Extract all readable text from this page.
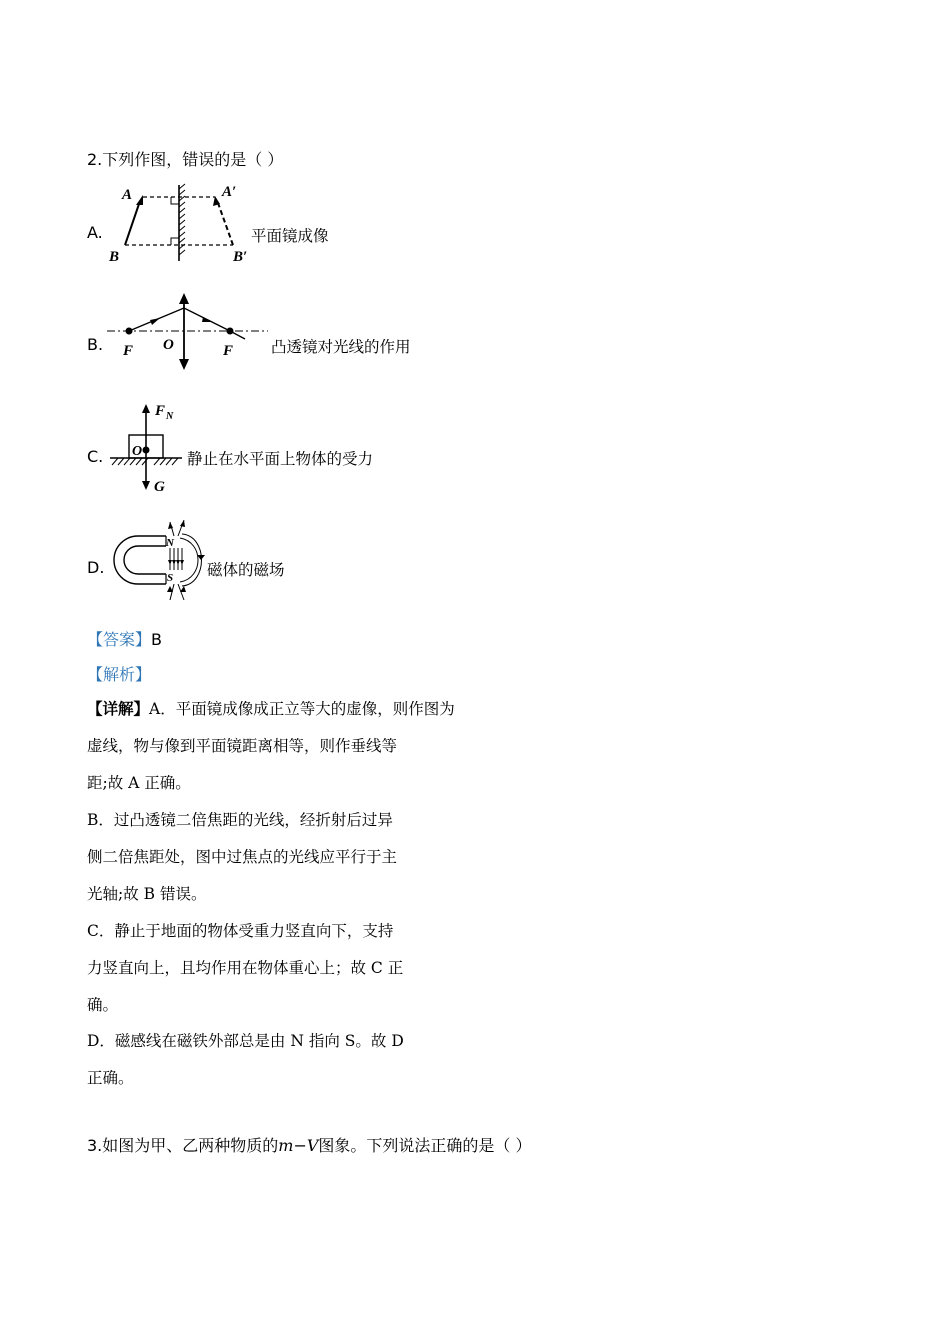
2.下列作图，错误的是（ ）
A.
A	A′
B	B′
平面镜成像
B. F O	F 凸透镜对光线的作用
C.
F N
O
G
静止在水平面上物体的受力
D.
N
S 磁体的磁场
【答案】B
【解析】
【详解】A．平面镜成像成正立等大的虚像，则作图为
虚线，物与像到平面镜距离相等，则作垂线等
距;故 A 正确。
B．过凸透镜二倍焦距的光线，经折射后过异
侧二倍焦距处，图中过焦点的光线应平行于主
光轴;故 B 错误。
C．静止于地面的物体受重力竖直向下，支持
力竖直向上，且均作用在物体重心上；故 C 正
确。
D．磁感线在磁铁外部总是由 N 指向 S。故 D
正确。
3.如图为甲、乙两种物质的m−V图象。下列说法正确的是（ ）
